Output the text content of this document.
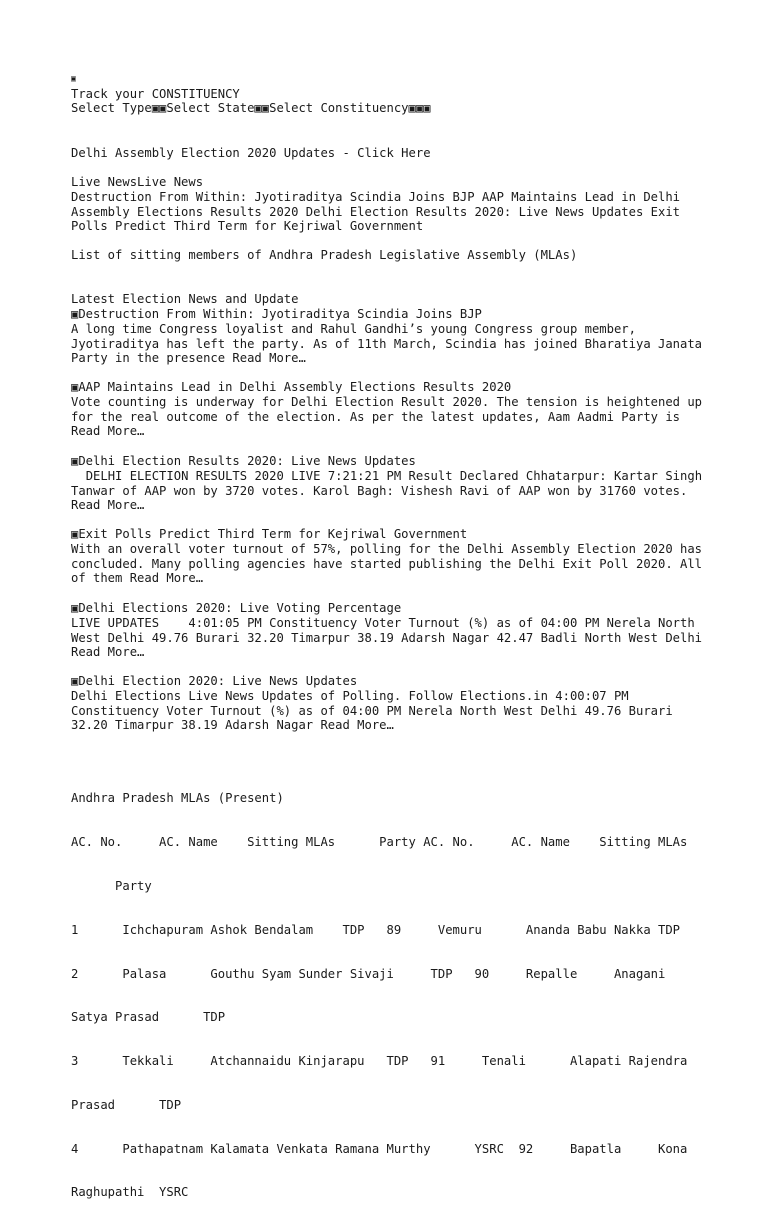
▣
Track your CONSTITUENCY
Select Type▣▣Select State▣▣Select Constituency▣▣▣
Delhi Assembly Election 2020 Updates - Click Here
Live NewsLive News
Destruction From Within: Jyotiraditya Scindia Joins BJP AAP Maintains Lead in Delhi Assembly Elections Results 2020 Delhi Election Results 2020: Live News Updates Exit Polls Predict Third Term for Kejriwal Government
List of sitting members of Andhra Pradesh Legislative Assembly (MLAs)
Latest Election News and Update
▣Destruction From Within: Jyotiraditya Scindia Joins BJP
A long time Congress loyalist and Rahul Gandhi’s young Congress group member, Jyotiraditya has left the party. As of 11th March, Scindia has joined Bharatiya Janata Party in the presence Read More…
▣AAP Maintains Lead in Delhi Assembly Elections Results 2020
Vote counting is underway for Delhi Election Result 2020. The tension is heightened up for the real outcome of the election. As per the latest updates, Aam Aadmi Party is Read More…
▣Delhi Election Results 2020: Live News Updates
DELHI ELECTION RESULTS 2020 LIVE 7:21:21 PM Result Declared Chhatarpur: Kartar Singh Tanwar of AAP won by 3720 votes. Karol Bagh: Vishesh Ravi of AAP won by 31760 votes. Read More…
▣Exit Polls Predict Third Term for Kejriwal Government
With an overall voter turnout of 57%, polling for the Delhi Assembly Election 2020 has concluded. Many polling agencies have started publishing the Delhi Exit Poll 2020. All of them Read More…
▣Delhi Elections 2020: Live Voting Percentage
LIVE UPDATES    4:01:05 PM Constituency Voter Turnout (%) as of 04:00 PM Nerela North West Delhi 49.76 Burari 32.20 Timarpur 38.19 Adarsh Nagar 42.47 Badli North West Delhi Read More…
▣Delhi Election 2020: Live News Updates
Delhi Elections Live News Updates of Polling. Follow Elections.in 4:00:07 PM Constituency Voter Turnout (%) as of 04:00 PM Nerela North West Delhi 49.76 Burari 32.20 Timarpur 38.19 Adarsh Nagar Read More…
Andhra Pradesh MLAs (Present)

AC. No.     AC. Name    Sitting MLAs      Party AC. No.     AC. Name    Sitting MLAs

Party

1      Ichchapuram Ashok Bendalam    TDP   89     Vemuru      Ananda Babu Nakka TDP

2      Palasa      Gouthu Syam Sunder Sivaji     TDP   90     Repalle     Anagani

Satya Prasad      TDP

3      Tekkali     Atchannaidu Kinjarapu   TDP   91     Tenali      Alapati Rajendra

Prasad      TDP

4      Pathapatnam Kalamata Venkata Ramana Murthy      YSRC  92     Bapatla     Kona

Raghupathi  YSRC
